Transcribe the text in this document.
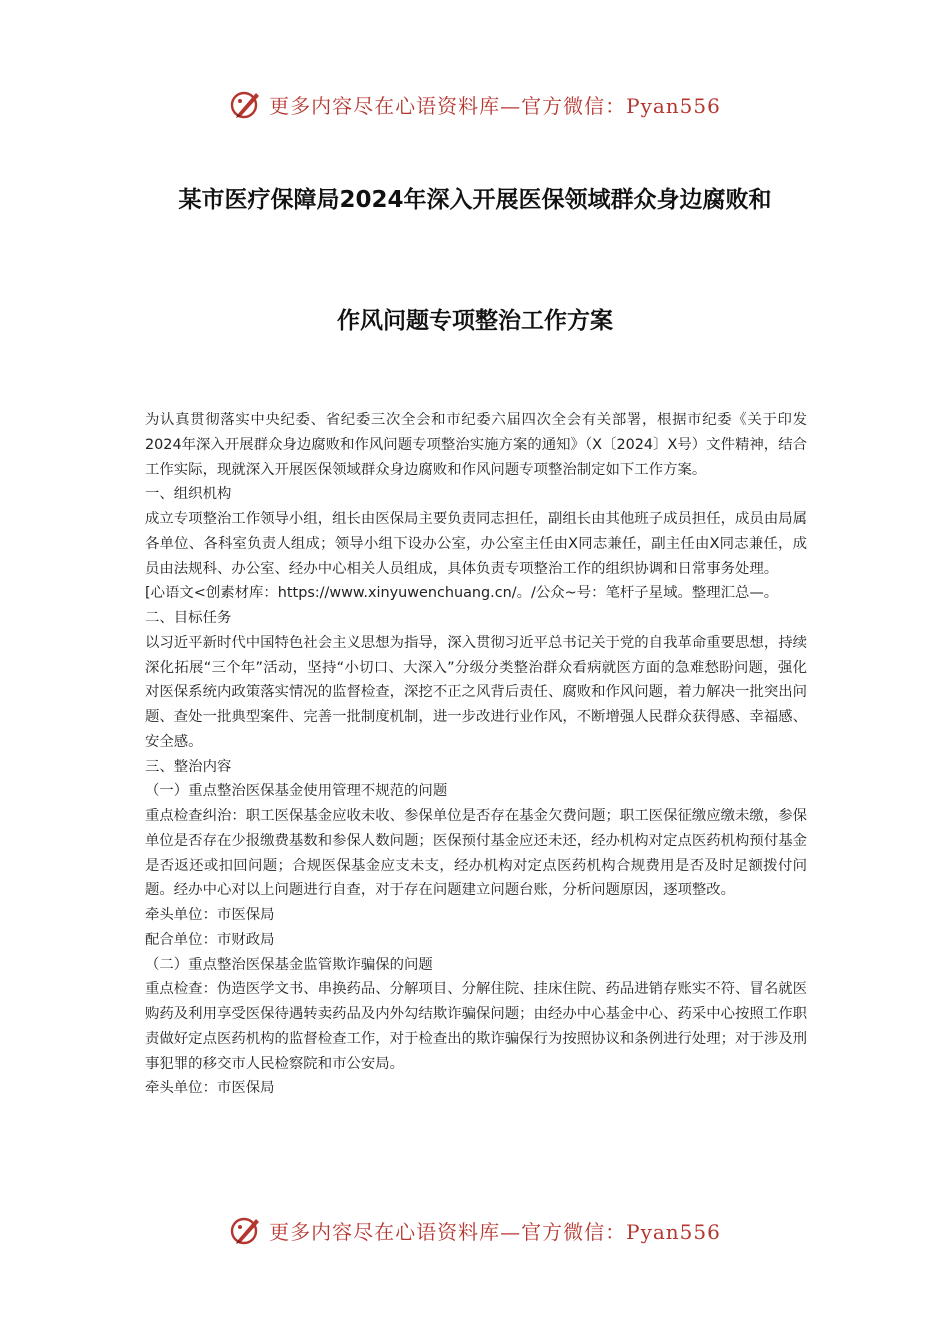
更多内容尽在心语资料库—官方微信：Pyan556
某市医疗保障局2024年深入开展医保领域群众身边腐败和
作风问题专项整治工作方案

为认真贯彻落实中央纪委、省纪委三次全会和市纪委六届四次全会有关部署，根据市纪委《关于印发2024年深入开展群众身边腐败和作风问题专项整治实施方案的通知》（X〔2024〕X号）文件精神，结合工作实际，现就深入开展医保领域群众身边腐败和作风问题专项整治制定如下工作方案。

一、组织机构

成立专项整治工作领导小组，组长由医保局主要负责同志担任，副组长由其他班子成员担任，成员由局属各单位、各科室负责人组成；领导小组下设办公室，办公室主任由X同志兼任，副主任由X同志兼任，成员由法规科、办公室、经办中心相关人员组成，具体负责专项整治工作的组织协调和日常事务处理。

[心语文<创素材库：https://www.xinyuwenchuang.cn/。/公众~号：笔杆子星域。整理汇总—。

二、目标任务

以习近平新时代中国特色社会主义思想为指导，深入贯彻习近平总书记关于党的自我革命重要思想，持续深化拓展“三个年”活动，坚持“小切口、大深入”分级分类整治群众看病就医方面的急难愁盼问题，强化对医保系统内政策落实情况的监督检查，深挖不正之风背后责任、腐败和作风问题，着力解决一批突出问题、查处一批典型案件、完善一批制度机制，进一步改进行业作风，不断增强人民群众获得感、幸福感、安全感。

三、整治内容

（一）重点整治医保基金使用管理不规范的问题

重点检查纠治：职工医保基金应收未收、参保单位是否存在基金欠费问题；职工医保征缴应缴未缴，参保单位是否存在少报缴费基数和参保人数问题；医保预付基金应还未还，经办机构对定点医药机构预付基金是否返还或扣回问题；合规医保基金应支未支，经办机构对定点医药机构合规费用是否及时足额拨付问题。经办中心对以上问题进行自查，对于存在问题建立问题台账，分析问题原因，逐项整改。

牵头单位：市医保局

配合单位：市财政局

（二）重点整治医保基金监管欺诈骗保的问题

重点检查：伪造医学文书、串换药品、分解项目、分解住院、挂床住院、药品进销存账实不符、冒名就医购药及利用享受医保待遇转卖药品及内外勾结欺诈骗保问题；由经办中心基金中心、药采中心按照工作职责做好定点医药机构的监督检查工作，对于检查出的欺诈骗保行为按照协议和条例进行处理；对于涉及刑事犯罪的移交市人民检察院和市公安局。

牵头单位：市医保局

更多内容尽在心语资料库—官方微信：Pyan556
